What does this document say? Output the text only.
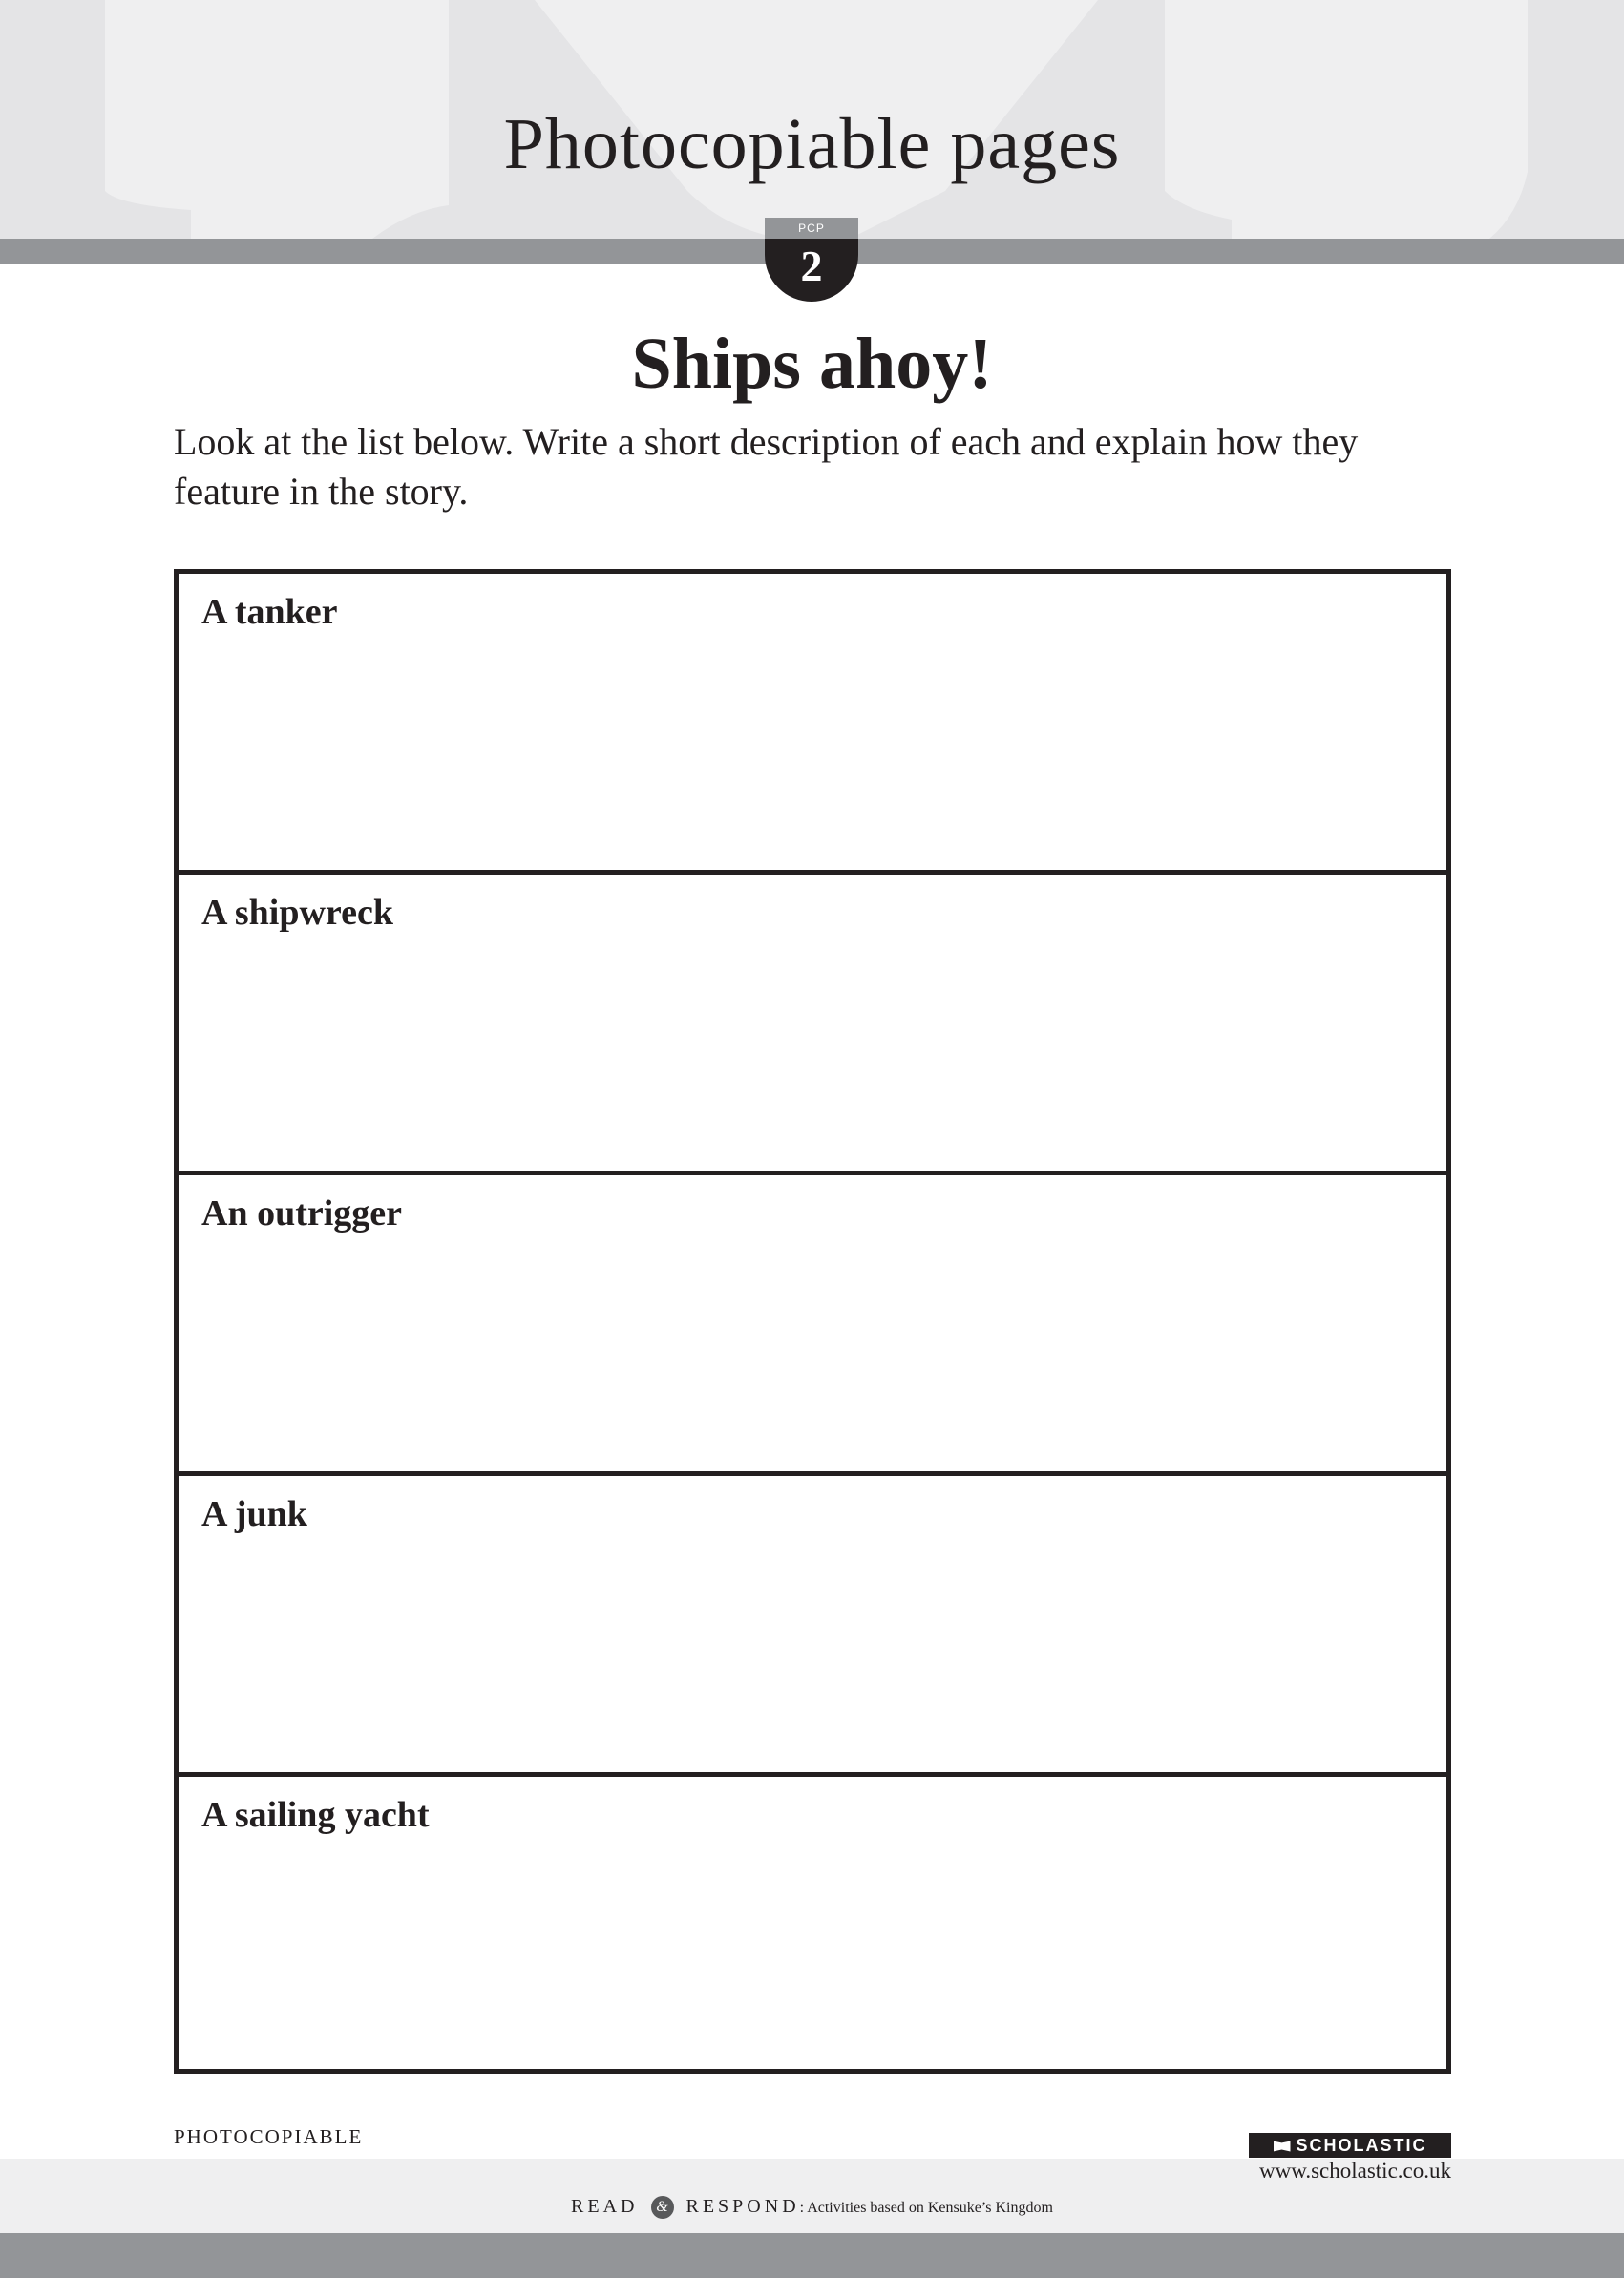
Photocopiable pages
PCP
2
Ships ahoy!
Look at the list below. Write a short description of each and explain how they feature in the story.
A tanker
A shipwreck
An outrigger
A junk
A sailing yacht
PHOTOCOPIABLE	SCHOLASTIC
www.scholastic.co.uk
READ & RESPOND: Activities based on Kensuke’s Kingdom
